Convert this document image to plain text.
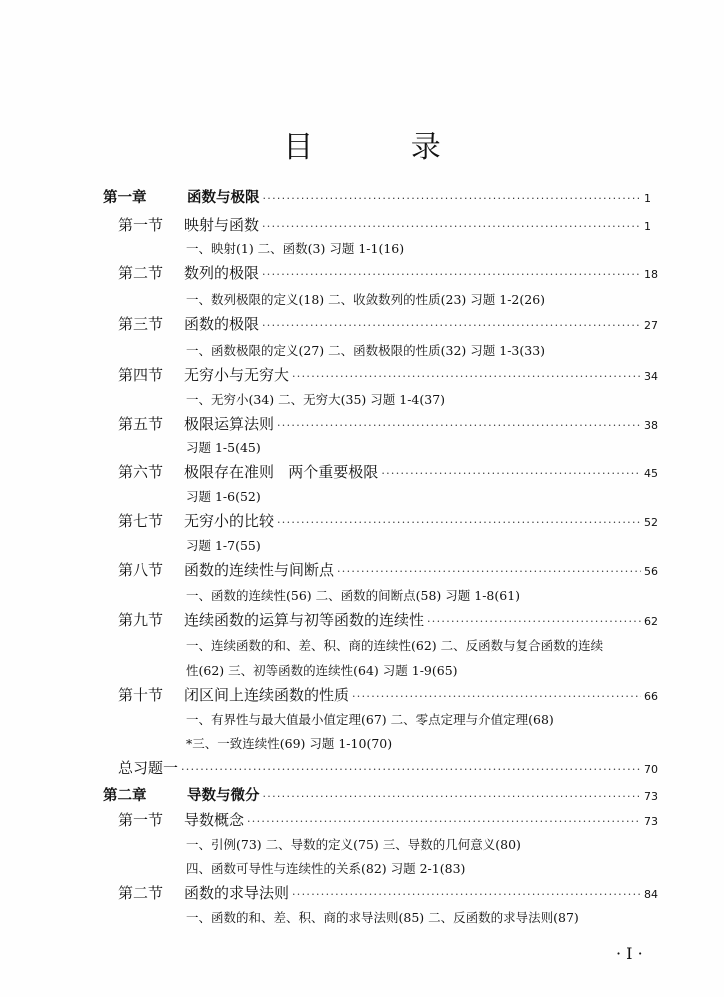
目 录
第一章	函数与极限 ·····	1
第一节	映射与函数 ·····	1
一、映射(1) 二、函数(3) 习题 1-1(16)
第二节	数列的极限 ·····	18
一、数列极限的定义(18) 二、收敛数列的性质(23) 习题 1-2(26)
第三节	函数的极限 ·····	27
一、函数极限的定义(27) 二、函数极限的性质(32) 习题 1-3(33)
第四节	无穷小与无穷大 ·····	34
一、无穷小(34) 二、无穷大(35) 习题 1-4(37)
第五节	极限运算法则 ·····	38
习题 1-5(45)
第六节	极限存在准则   两个重要极限 ·····	45
习题 1-6(52)
第七节	无穷小的比较 ·····	52
习题 1-7(55)
第八节	函数的连续性与间断点 ·····	56
一、函数的连续性(56) 二、函数的间断点(58) 习题 1-8(61)
第九节	连续函数的运算与初等函数的连续性 ·····	62
一、连续函数的和、差、积、商的连续性(62) 二、反函数与复合函数的连续
性(62) 三、初等函数的连续性(64) 习题 1-9(65)
第十节	闭区间上连续函数的性质 ·····	66
一、有界性与最大值最小值定理(67) 二、零点定理与介值定理(68)
*三、一致连续性(69) 习题 1-10(70)
总习题一 ·····	70
第二章	导数与微分 ·····	73
第一节	导数概念 ·····	73
一、引例(73) 二、导数的定义(75) 三、导数的几何意义(80)
四、函数可导性与连续性的关系(82) 习题 2-1(83)
第二节	函数的求导法则 ·····	84
一、函数的和、差、积、商的求导法则(85) 二、反函数的求导法则(87)
· I ·
